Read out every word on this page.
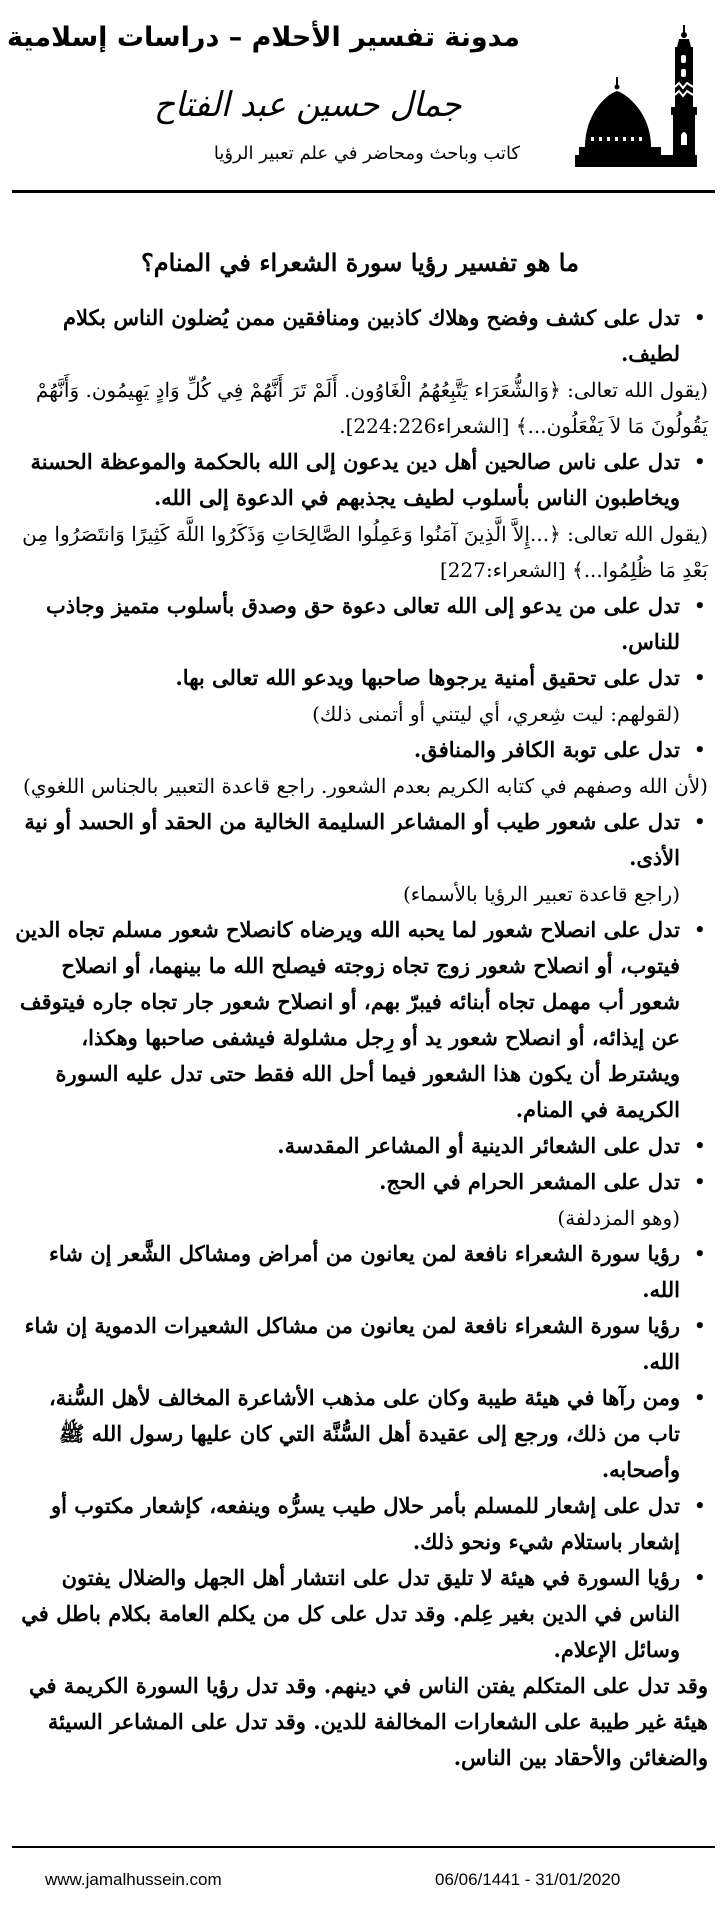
مدونة تفسير الأحلام – دراسات إسلامية
جمال حسين عبد الفتاح
كاتب وباحث ومحاضر في علم تعبير الرؤيا
ما هو تفسير رؤيا سورة الشعراء في المنام؟
•
تدل على كشف وفضح وهلاك كاذبين ومنافقين ممن يُضلون الناس بكلام لطيف.
(يقول الله تعالى: ﴿وَالشُّعَرَاء يَتَّبِعُهُمُ الْغَاوُون. أَلَمْ تَرَ أَنَّهُمْ فِي كُلِّ وَادٍ يَهِيمُون. وَأَنَّهُمْ يَقُولُونَ مَا لاَ يَفْعَلُون...﴾ [الشعراء224:226].
•
تدل على ناس صالحين أهل دين يدعون إلى الله بالحكمة والموعظة الحسنة ويخاطبون الناس بأسلوب لطيف يجذبهم في الدعوة إلى الله.
(يقول الله تعالى: ﴿...إِلاَّ الَّذِينَ آمَنُوا وَعَمِلُوا الصَّالِحَاتِ وَذَكَرُوا اللَّهَ كَثِيرًا وَانتَصَرُوا مِن بَعْدِ مَا ظُلِمُوا...﴾ [الشعراء:227]
•
تدل على من يدعو إلى الله تعالى دعوة حق وصدق بأسلوب متميز وجاذب للناس.
•
تدل على تحقيق أمنية يرجوها صاحبها ويدعو الله تعالى بها.
(لقولهم: ليت شِعري، أي ليتني أو أتمنى ذلك)
•
تدل على توبة الكافر والمنافق.
(لأن الله وصفهم في كتابه الكريم بعدم الشعور. راجع قاعدة التعبير بالجناس اللغوي)
•
تدل على شعور طيب أو المشاعر السليمة الخالية من الحقد أو الحسد أو نية الأذى.
(راجع قاعدة تعبير الرؤيا بالأسماء)
•
تدل على انصلاح شعور لما يحبه الله ويرضاه كانصلاح شعور مسلم تجاه الدين فيتوب، أو انصلاح شعور زوج تجاه زوجته فيصلح الله ما بينهما، أو انصلاح شعور أب مهمل تجاه أبنائه فيبرّ بهم، أو انصلاح شعور جار تجاه جاره فيتوقف عن إيذائه، أو انصلاح شعور يد أو رِجل مشلولة فيشفى صاحبها وهكذا، ويشترط أن يكون هذا الشعور فيما أحل الله فقط حتى تدل عليه السورة الكريمة في المنام.
•
تدل على الشعائر الدينية أو المشاعر المقدسة.
•
تدل على المشعر الحرام في الحج.
(وهو المزدلفة)
•
رؤيا سورة الشعراء نافعة لمن يعانون من أمراض ومشاكل الشَّعر إن شاء الله.
•
رؤيا سورة الشعراء نافعة لمن يعانون من مشاكل الشعيرات الدموية إن شاء الله.
•
ومن رآها في هيئة طيبة وكان على مذهب الأشاعرة المخالف لأهل السُّنة، تاب من ذلك، ورجع إلى عقيدة أهل السُّنَّة التي كان عليها رسول الله ﷺ وأصحابه.
•
تدل على إشعار للمسلم بأمر حلال طيب يسرُّه وينفعه، كإشعار مكتوب أو إشعار باستلام شيء ونحو ذلك.
•
رؤيا السورة في هيئة لا تليق تدل على انتشار أهل الجهل والضلال يفتون الناس في الدين بغير عِلم. وقد تدل على كل من يكلم العامة بكلام باطل في وسائل الإعلام.

وقد تدل على المتكلم يفتن الناس في دينهم. وقد تدل رؤيا السورة الكريمة في هيئة غير طيبة على الشعارات المخالفة للدين. وقد تدل على المشاعر السيئة والضغائن والأحقاد بين الناس.

www.jamalhussein.com	06/06/1441 - 31/01/2020
